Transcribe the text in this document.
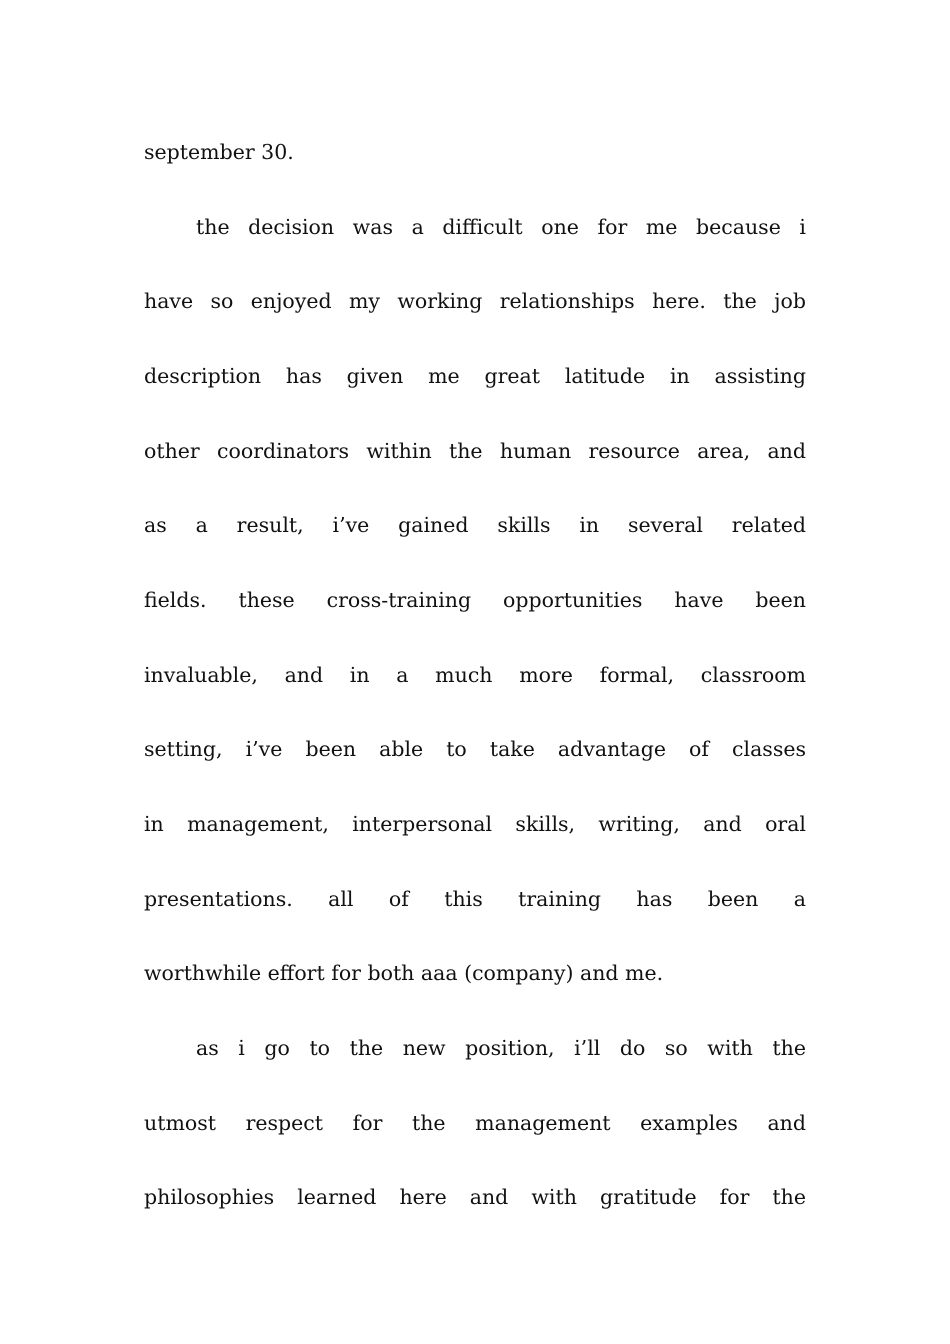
september 30.
the decision was a difficult one for me because i
have so enjoyed my working relationships here. the job
description has given me great latitude in assisting
other coordinators within the human resource area, and
as a result, i’ve gained skills in several related
fields. these cross-training opportunities have been
invaluable, and in a much more formal, classroom
setting, i’ve been able to take advantage of classes
in management, interpersonal skills, writing, and oral
presentations. all of this training has been a
worthwhile effort for both aaa (company) and me.
as i go to the new position, i’ll do so with the
utmost respect for the management examples and
philosophies learned here and with gratitude for the
